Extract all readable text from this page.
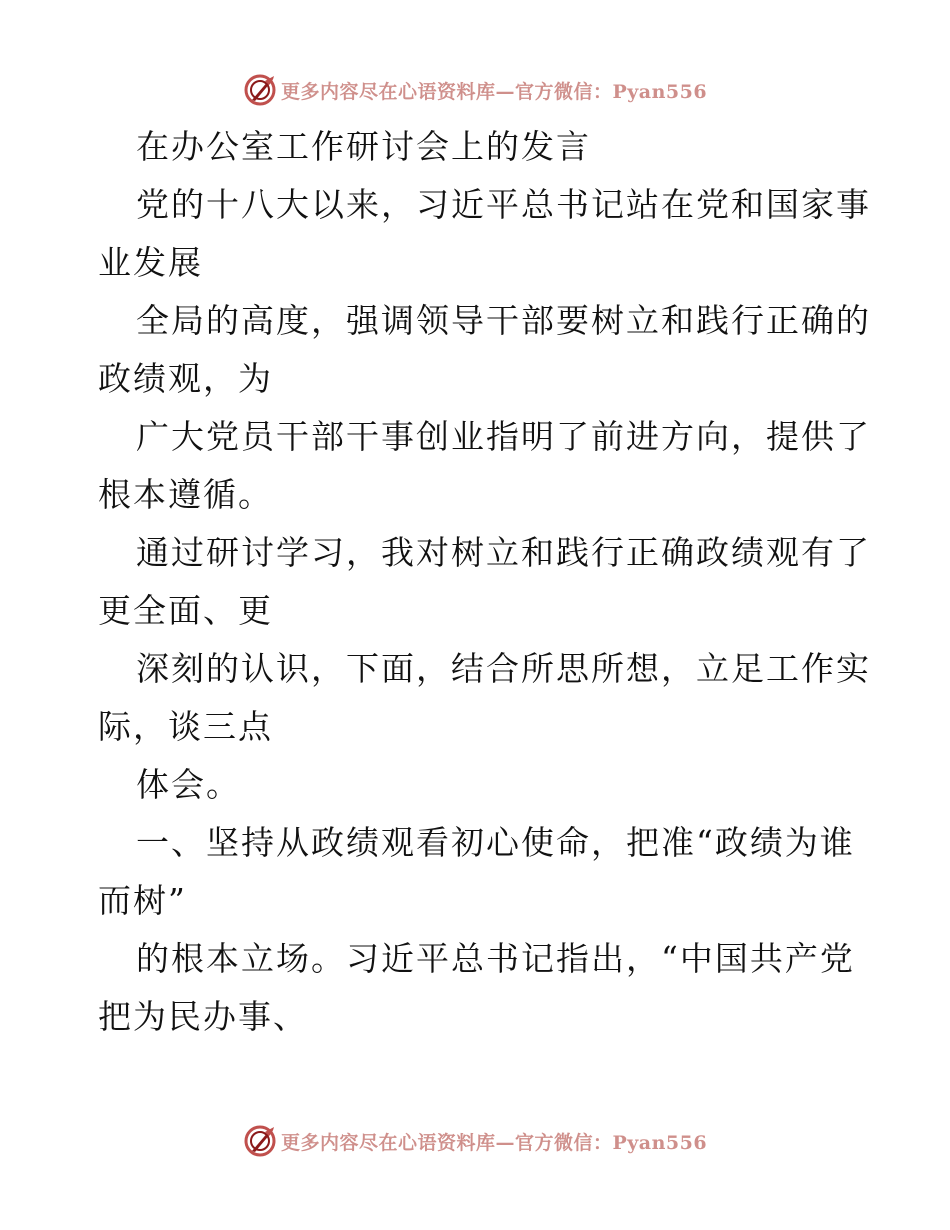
更多内容尽在心语资料库—官方微信：Pyan556
在办公室工作研讨会上的发言
党的十八大以来，习近平总书记站在党和国家事
业发展
全局的高度，强调领导干部要树立和践行正确的
政绩观，为
广大党员干部干事创业指明了前进方向，提供了
根本遵循。
通过研讨学习，我对树立和践行正确政绩观有了
更全面、更
深刻的认识，下面，结合所思所想，立足工作实
际，谈三点
体会。
一、坚持从政绩观看初心使命，把准“政绩为谁
而树”
的根本立场。习近平总书记指出，“中国共产党
把为民办事、
更多内容尽在心语资料库—官方微信：Pyan556
